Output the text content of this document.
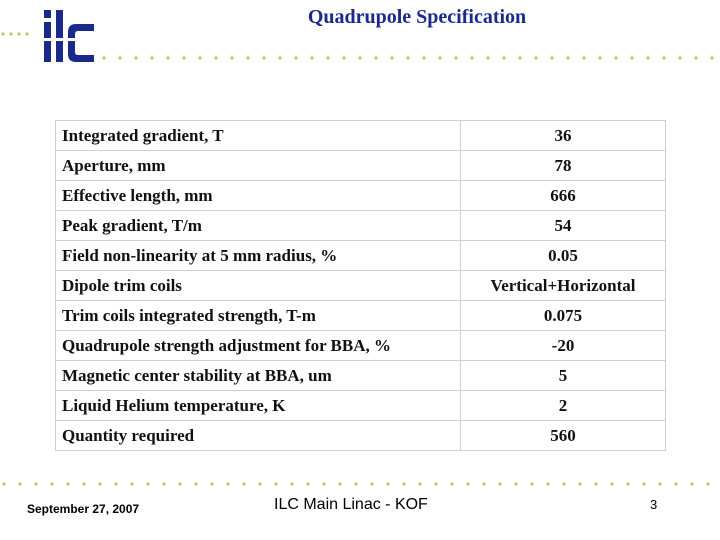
Quadrupole Specification
Integrated gradient, T	36
Aperture, mm	78
Effective length, mm	666
Peak gradient, T/m	54
Field non-linearity at 5 mm radius, %	0.05
Dipole trim coils	Vertical+Horizontal
Trim coils integrated strength, T-m	0.075
Quadrupole strength adjustment for BBA, %	-20
Magnetic center stability at BBA, um	5
Liquid Helium temperature, K	2
Quantity required	560
September 27, 2007	ILC Main Linac - KOF	3
